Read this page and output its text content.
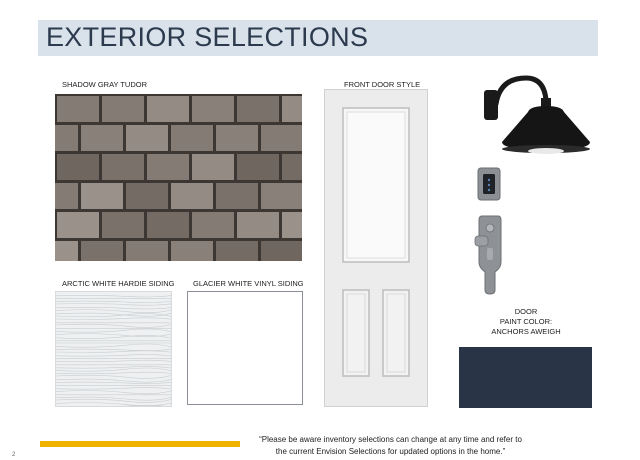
EXTERIOR SELECTIONS
SHADOW GRAY TUDOR	FRONT DOOR STYLE
ARCTIC WHITE HARDIE SIDING GLACIER WHITE VINYL SIDING
DOOR
PAINT COLOR:
ANCHORS AWEIGH
“Please be aware inventory selections can change at any time and refer to
the current Envision Selections for updated options in the home.”
2
